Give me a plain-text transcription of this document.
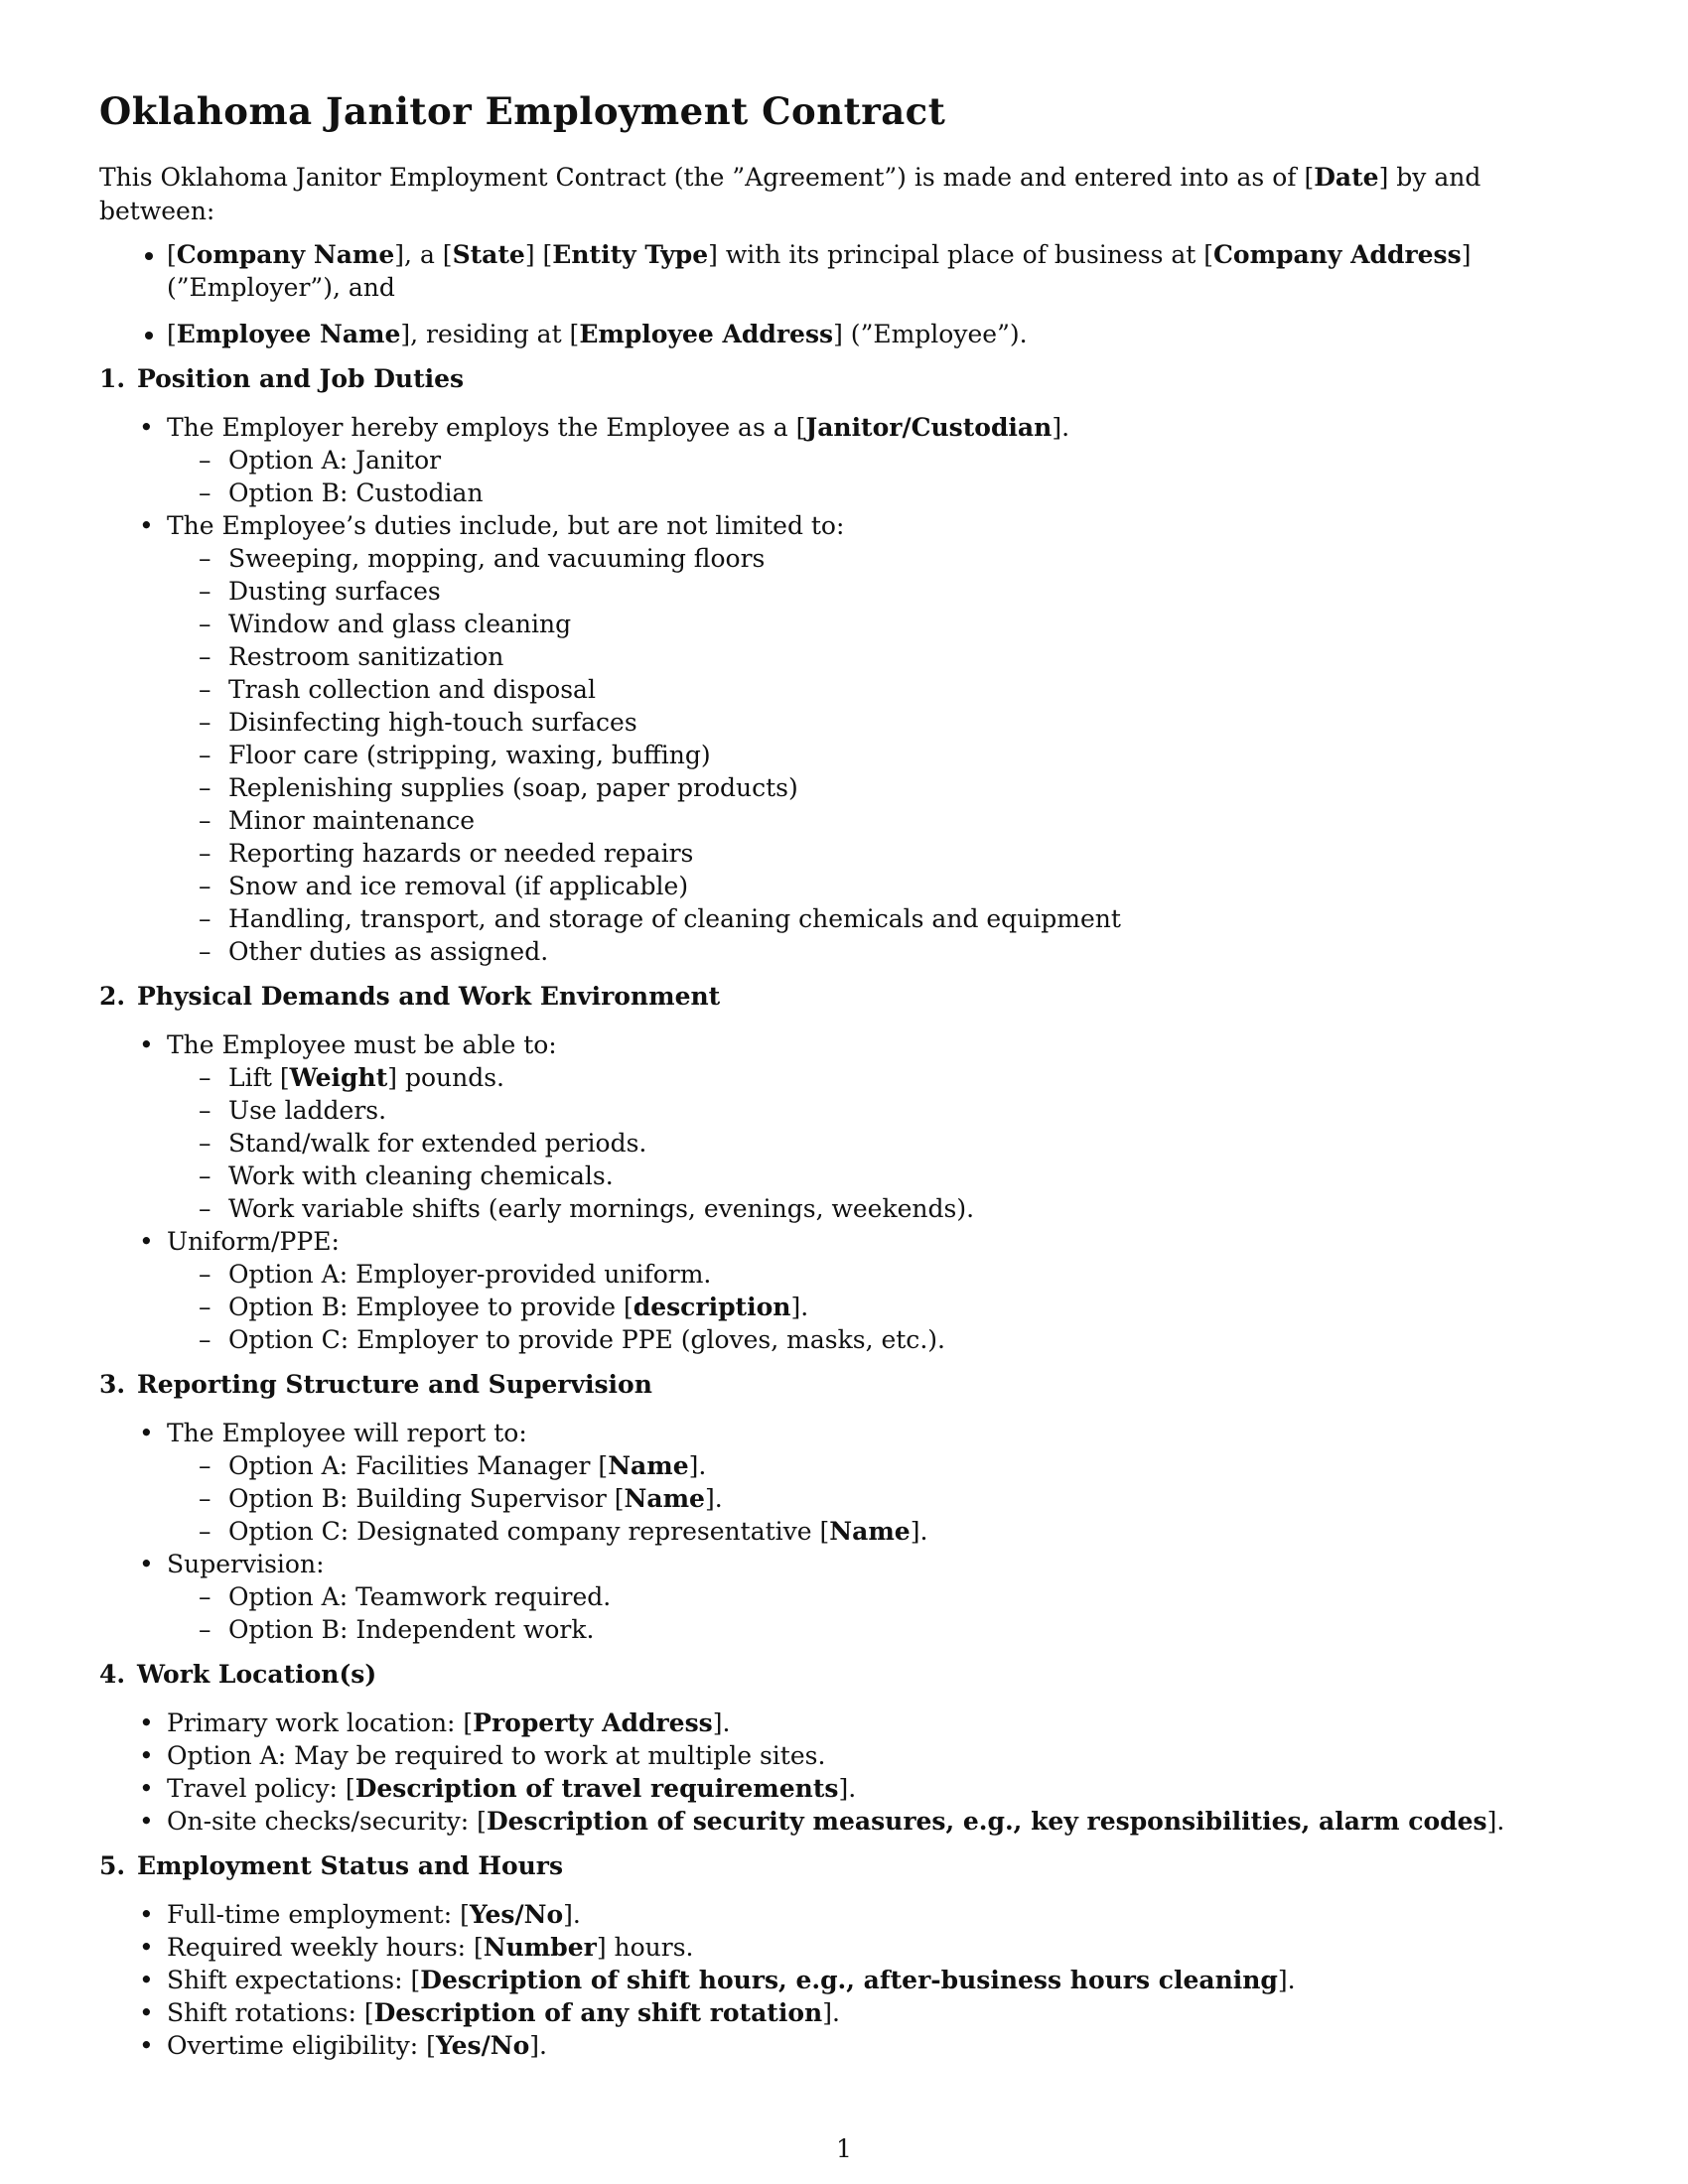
Oklahoma Janitor Employment Contract

This Oklahoma Janitor Employment Contract (the ”Agreement”) is made and entered into as of [Date] by and between:

• [Company Name], a [State] [Entity Type] with its principal place of business at [Company Address] (”Employer”), and
• [Employee Name], residing at [Employee Address] (”Employee”).
1. Position and Job Duties
• The Employer hereby employs the Employee as a [Janitor/Custodian].
– Option A: Janitor
– Option B: Custodian
• The Employee’s duties include, but are not limited to:
– Sweeping, mopping, and vacuuming floors
– Dusting surfaces
– Window and glass cleaning
– Restroom sanitization
– Trash collection and disposal
– Disinfecting high-touch surfaces
– Floor care (stripping, waxing, buffing)
– Replenishing supplies (soap, paper products)
– Minor maintenance
– Reporting hazards or needed repairs
– Snow and ice removal (if applicable)
– Handling, transport, and storage of cleaning chemicals and equipment
– Other duties as assigned.
2. Physical Demands and Work Environment
• The Employee must be able to:
– Lift [Weight] pounds.
– Use ladders.
– Stand/walk for extended periods.
– Work with cleaning chemicals.
– Work variable shifts (early mornings, evenings, weekends).
• Uniform/PPE:
– Option A: Employer-provided uniform.
– Option B: Employee to provide [description].
– Option C: Employer to provide PPE (gloves, masks, etc.).
3. Reporting Structure and Supervision
• The Employee will report to:
– Option A: Facilities Manager [Name].
– Option B: Building Supervisor [Name].
– Option C: Designated company representative [Name].
• Supervision:
– Option A: Teamwork required.
– Option B: Independent work.
4. Work Location(s)
• Primary work location: [Property Address].
• Option A: May be required to work at multiple sites.
• Travel policy: [Description of travel requirements].
• On-site checks/security: [Description of security measures, e.g., key responsibilities, alarm codes].
5. Employment Status and Hours
• Full-time employment: [Yes/No].
• Required weekly hours: [Number] hours.
• Shift expectations: [Description of shift hours, e.g., after-business hours cleaning].
• Shift rotations: [Description of any shift rotation].
• Overtime eligibility: [Yes/No].
1
